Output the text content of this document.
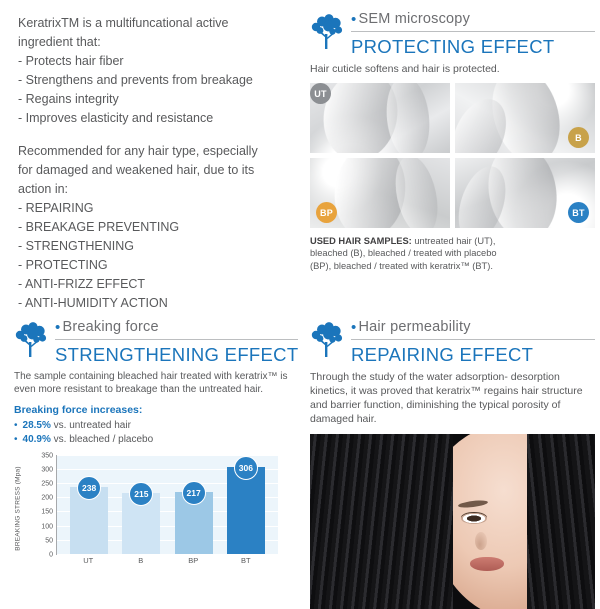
KeratrixTM is a multifuncational active
ingredient that:
- Protects hair fiber
- Strengthens and prevents from breakage
- Regains integrity
- Improves elasticity and resistance

Recommended for any hair type, especially
for damaged and weakened hair, due to its
action in:
- REPAIRING
- BREAKAGE PREVENTING
- STRENGTHENING
- PROTECTING
- ANTI-FRIZZ EFFECT
- ANTI-HUMIDITY ACTION

• SEM microscopy
PROTECTING EFFECT
Hair cuticle softens and hair is protected.
UT
B
BP	BT
USED HAIR SAMPLES: untreated hair (UT),
bleached (B), bleached / treated with placebo
(BP), bleached / treated with keratrix™ (BT).
• Breaking force
STRENGTHENING EFFECT
The sample containing bleached hair treated with keratrix™ is even more resistant to breakage than the untreated hair.
Breaking force increases:
• 28.5% vs. untreated hair
• 40.9% vs. bleached / placebo
BREAKING STRESS (Mpa)
350
300
250
200
150
100
50
0
238
215	217
306
UT	B	BP	BT
• Hair permeability
REPAIRING EFFECT
Through the study of the water adsorption- desorption kinetics, it was proved that keratrix™ regains hair structure and barrier function, diminishing the typical porosity of damaged hair.
